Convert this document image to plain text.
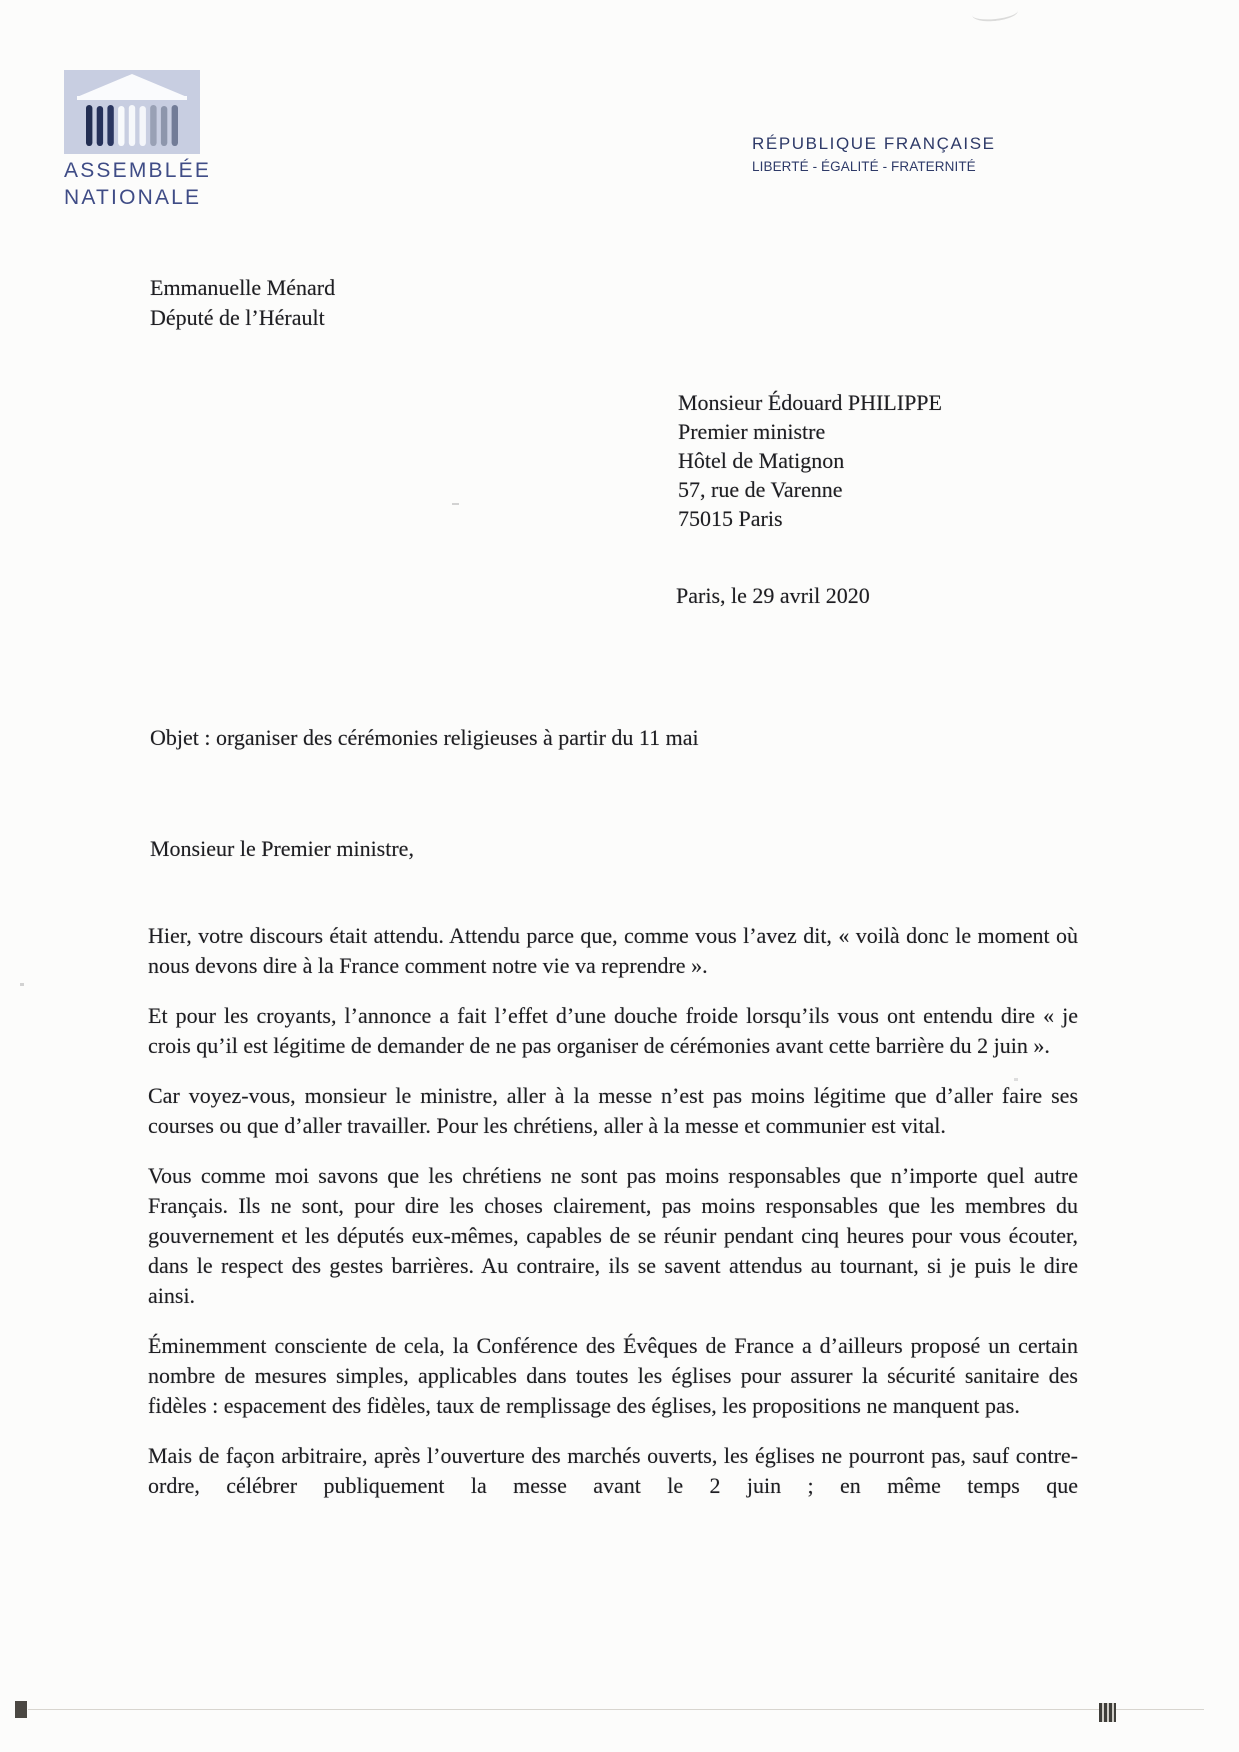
ASSEMBLÉE
NATIONALE
RÉPUBLIQUE FRANÇAISE
LIBERTÉ - ÉGALITÉ - FRATERNITÉ
Emmanuelle Ménard
Député de l’Hérault
Monsieur Édouard PHILIPPE
Premier ministre
Hôtel de Matignon
57, rue de Varenne
75015 Paris
Paris, le 29 avril 2020
Objet : organiser des cérémonies religieuses à partir du 11 mai
Monsieur le Premier ministre,

Hier, votre discours était attendu. Attendu parce que, comme vous l’avez dit, « voilà donc le moment où nous devons dire à la France comment notre vie va reprendre ».

Et pour les croyants, l’annonce a fait l’effet d’une douche froide lorsqu’ils vous ont entendu dire « je crois qu’il est légitime de demander de ne pas organiser de cérémonies avant cette barrière du 2 juin ».

Car voyez-vous, monsieur le ministre, aller à la messe n’est pas moins légitime que d’aller faire ses courses ou que d’aller travailler. Pour les chrétiens, aller à la messe et communier est vital.

Vous comme moi savons que les chrétiens ne sont pas moins responsables que n’importe quel autre Français. Ils ne sont, pour dire les choses clairement, pas moins responsables que les membres du gouvernement et les députés eux-mêmes, capables de se réunir pendant cinq heures pour vous écouter, dans le respect des gestes barrières. Au contraire, ils se savent attendus au tournant, si je puis le dire ainsi.

Éminemment consciente de cela, la Conférence des Évêques de France a d’ailleurs proposé un certain nombre de mesures simples, applicables dans toutes les églises pour assurer la sécurité sanitaire des fidèles : espacement des fidèles, taux de remplissage des églises, les propositions ne manquent pas.

Mais de façon arbitraire, après l’ouverture des marchés ouverts, les églises ne pourront pas, sauf contre-ordre, célébrer publiquement la messe avant le 2 juin ; en même temps que
